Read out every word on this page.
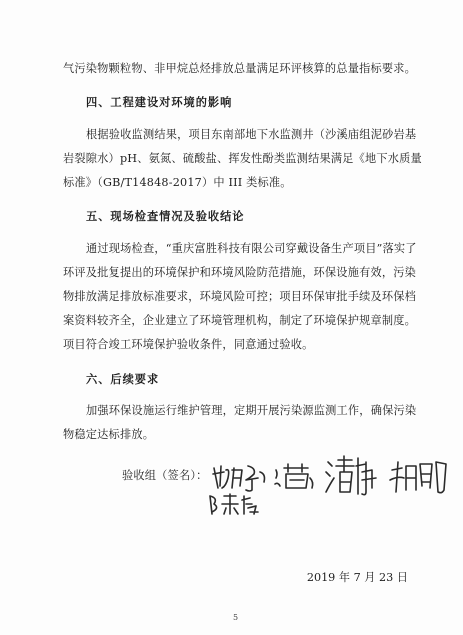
气污染物颗粒物、非甲烷总烃排放总量满足环评核算的总量指标要求。
四、工程建设对环境的影响
根据验收监测结果，项目东南部地下水监测井（沙溪庙组泥砂岩基
岩裂隙水）pH、氨氮、硫酸盐、挥发性酚类监测结果满足《地下水质量
标准》（GB/T14848-2017）中 III 类标准。
五、现场检查情况及验收结论
通过现场检查，“重庆富胜科技有限公司穿戴设备生产项目”落实了
环评及批复提出的环境保护和环境风险防范措施，环保设施有效，污染
物排放满足排放标准要求，环境风险可控；项目环保审批手续及环保档
案资料较齐全，企业建立了环境管理机构，制定了环境保护规章制度。
项目符合竣工环境保护验收条件，同意通过验收。
六、后续要求
加强环保设施运行维护管理，定期开展污染源监测工作，确保污染
物稳定达标排放。
验收组（签名）：
2019 年 7 月 23 日
5
